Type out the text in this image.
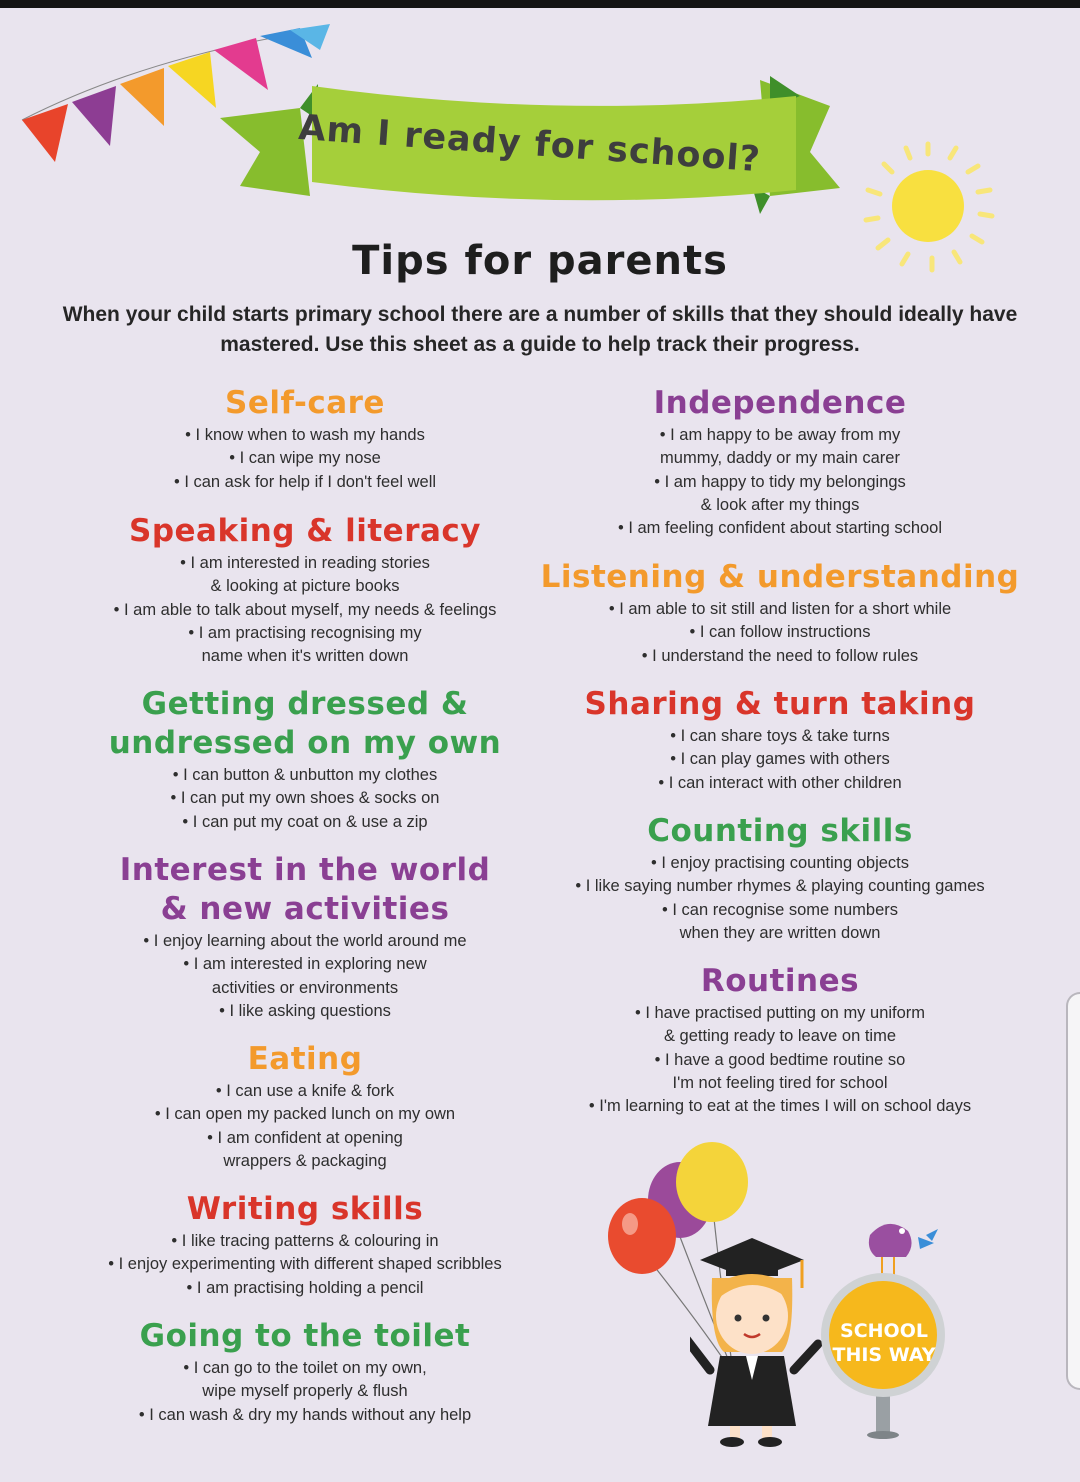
Am I ready for school?
Tips for parents
When your child starts primary school there are a number of skills that they should ideally have mastered. Use this sheet as a guide to help track their progress.
Self-care
• I know when to wash my hands
• I can wipe my nose
• I can ask for help if I don't feel well
Speaking & literacy
• I am interested in reading stories
& looking at picture books
• I am able to talk about myself, my needs & feelings
• I am practising recognising my
name when it's written down
Getting dressed &
undressed on my own
• I can button & unbutton my clothes
• I can put my own shoes & socks on
• I can put my coat on & use a zip
Interest in the world
& new activities
• I enjoy learning about the world around me
• I am interested in exploring new
activities or environments
• I like asking questions
Eating
• I can use a knife & fork
• I can open my packed lunch on my own
• I am confident at opening
wrappers & packaging
Writing skills
• I like tracing patterns & colouring in
• I enjoy experimenting with different shaped scribbles
• I am practising holding a pencil
Going to the toilet
• I can go to the toilet on my own,
wipe myself properly & flush
• I can wash & dry my hands without any help
Independence
• I am happy to be away from my
mummy, daddy or my main carer
• I am happy to tidy my belongings
& look after my things
• I am feeling confident about starting school
Listening & understanding
• I am able to sit still and listen for a short while
• I can follow instructions
• I understand the need to follow rules
Sharing & turn taking
• I can share toys & take turns
• I can play games with others
• I can interact with other children
Counting skills
• I enjoy practising counting objects
• I like saying number rhymes & playing counting games
• I can recognise some numbers
when they are written down
Routines
• I have practised putting on my uniform
& getting ready to leave on time
• I have a good bedtime routine so
I'm not feeling tired for school
• I'm learning to eat at the times I will on school days
SCHOOL
THIS WAY
